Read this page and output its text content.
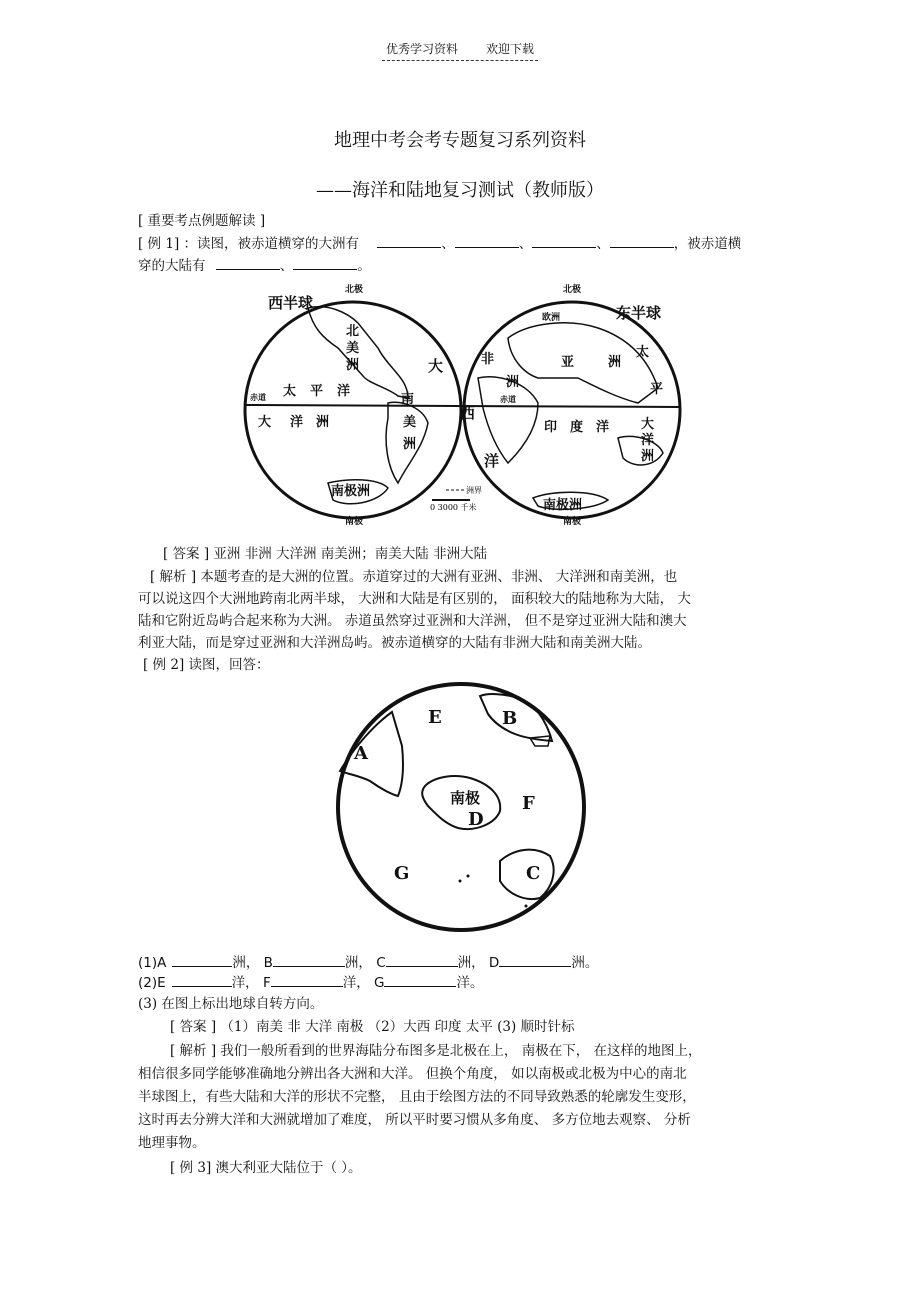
优秀学习资料 欢迎下载
地理中考会考专题复习系列资料
——海洋和陆地复习测试（教师版）
[ 重要考点例题解读 ]
[ 例 1] ：读图，被赤道横穿的大洲有	、	、	、	，被赤道横
穿的大陆有	、	。
西半球
东半球
北极	北极
南极	南极
赤道	赤道
北
美
洲
太 平 洋
大 洋 洲
南
美
洲
大
西
洋
南极洲
南极洲
非
洲
亚	洲
欧洲
印 度 洋
太
平
大
洋
洲
洲界
0 3000 千米
[ 答案 ] 亚洲 非洲 大洋洲 南美洲；南美大陆 非洲大陆
[ 解析 ] 本题考查的是大洲的位置。赤道穿过的大洲有亚洲、非洲、 大洋洲和南美洲，也
可以说这四个大洲地跨南北两半球， 大洲和大陆是有区别的， 面积较大的陆地称为大陆， 大
陆和它附近岛屿合起来称为大洲。 赤道虽然穿过亚洲和大洋洲， 但不是穿过亚洲大陆和澳大
利亚大陆，而是穿过亚洲和大洋洲岛屿。被赤道横穿的大陆有非洲大陆和南美洲大陆。
[ 例 2] 读图，回答：
A
B
C
D
E
F
G
南极
(1)A	洲， B	洲， C	洲， D	洲。
(2)E	洋， F	洋， G	洋。
(3) 在图上标出地球自转方向。
[ 答案 ] （1）南美 非 大洋 南极 （2）大西 印度 太平 (3) 顺时针标
[ 解析 ] 我们一般所看到的世界海陆分布图多是北极在上， 南极在下， 在这样的地图上，
相信很多同学能够准确地分辨出各大洲和大洋。 但换个角度， 如以南极或北极为中心的南北
半球图上，有些大陆和大洋的形状不完整， 且由于绘图方法的不同导致熟悉的轮廓发生变形，
这时再去分辨大洋和大洲就增加了难度， 所以平时要习惯从多角度、 多方位地去观察、 分析
地理事物。
[ 例 3] 澳大利亚大陆位于（ ）。
